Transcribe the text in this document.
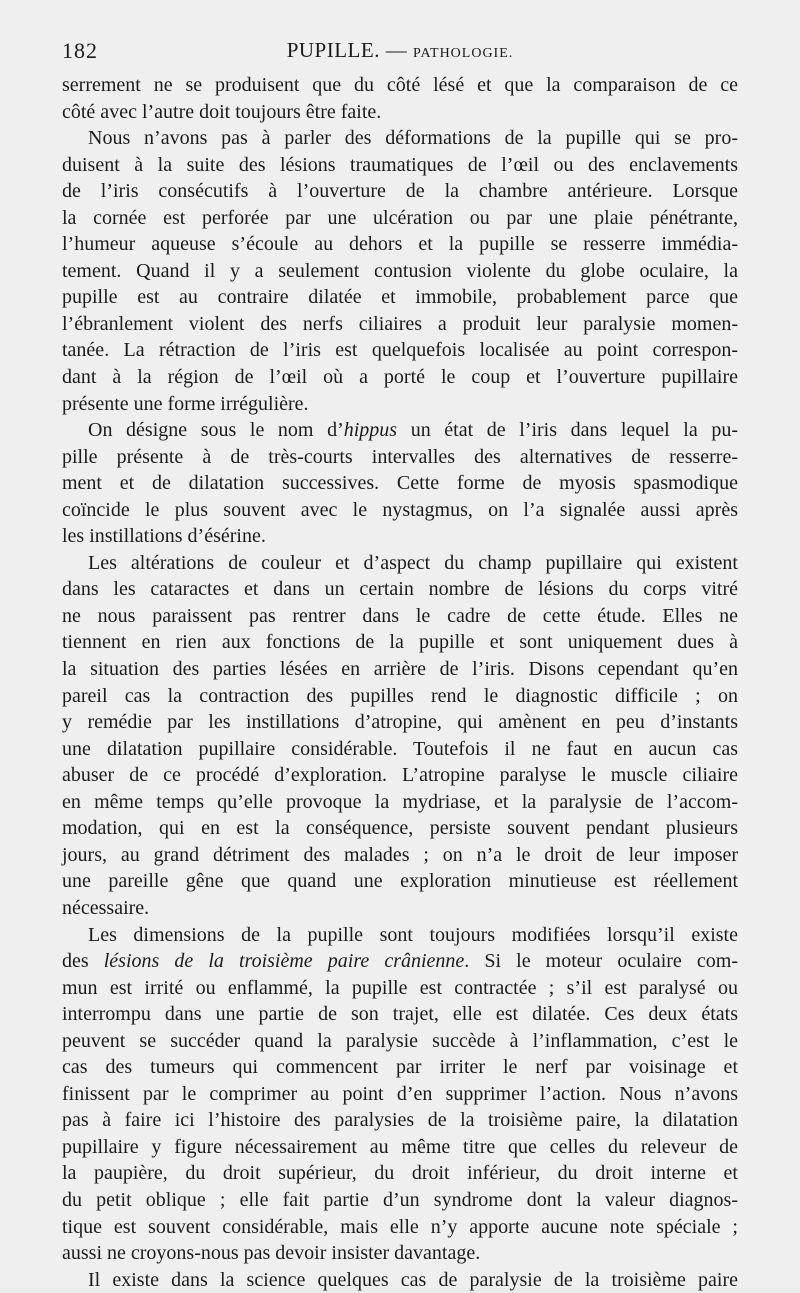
182	PUPILLE. — PATHOLOGIE.
serrement ne se produisent que du côté lésé et que la comparaison de ce
côté avec l’autre doit toujours être faite.
Nous n’avons pas à parler des déformations de la pupille qui se pro-
duisent à la suite des lésions traumatiques de l’œil ou des enclavements
de l’iris consécutifs à l’ouverture de la chambre antérieure. Lorsque
la cornée est perforée par une ulcération ou par une plaie pénétrante,
l’humeur aqueuse s’écoule au dehors et la pupille se resserre immédia-
tement. Quand il y a seulement contusion violente du globe oculaire, la
pupille est au contraire dilatée et immobile, probablement parce que
l’ébranlement violent des nerfs ciliaires a produit leur paralysie momen-
tanée. La rétraction de l’iris est quelquefois localisée au point correspon-
dant à la région de l’œil où a porté le coup et l’ouverture pupillaire
présente une forme irrégulière.
On désigne sous le nom d’hippus un état de l’iris dans lequel la pu-
pille présente à de très-courts intervalles des alternatives de resserre-
ment et de dilatation successives. Cette forme de myosis spasmodique
coïncide le plus souvent avec le nystagmus, on l’a signalée aussi après
les instillations d’ésérine.
Les altérations de couleur et d’aspect du champ pupillaire qui existent
dans les cataractes et dans un certain nombre de lésions du corps vitré
ne nous paraissent pas rentrer dans le cadre de cette étude. Elles ne
tiennent en rien aux fonctions de la pupille et sont uniquement dues à
la situation des parties lésées en arrière de l’iris. Disons cependant qu’en
pareil cas la contraction des pupilles rend le diagnostic difficile ; on
y remédie par les instillations d’atropine, qui amènent en peu d’instants
une dilatation pupillaire considérable. Toutefois il ne faut en aucun cas
abuser de ce procédé d’exploration. L’atropine paralyse le muscle ciliaire
en même temps qu’elle provoque la mydriase, et la paralysie de l’accom-
modation, qui en est la conséquence, persiste souvent pendant plusieurs
jours, au grand détriment des malades ; on n’a le droit de leur imposer
une pareille gêne que quand une exploration minutieuse est réellement
nécessaire.
Les dimensions de la pupille sont toujours modifiées lorsqu’il existe
des lésions de la troisième paire crânienne. Si le moteur oculaire com-
mun est irrité ou enflammé, la pupille est contractée ; s’il est paralysé ou
interrompu dans une partie de son trajet, elle est dilatée. Ces deux états
peuvent se succéder quand la paralysie succède à l’inflammation, c’est le
cas des tumeurs qui commencent par irriter le nerf par voisinage et
finissent par le comprimer au point d’en supprimer l’action. Nous n’avons
pas à faire ici l’histoire des paralysies de la troisième paire, la dilatation
pupillaire y figure nécessairement au même titre que celles du releveur de
la paupière, du droit supérieur, du droit inférieur, du droit interne et
du petit oblique ; elle fait partie d’un syndrome dont la valeur diagnos-
tique est souvent considérable, mais elle n’y apporte aucune note spéciale ;
aussi ne croyons-nous pas devoir insister davantage.
Il existe dans la science quelques cas de paralysie de la troisième paire
